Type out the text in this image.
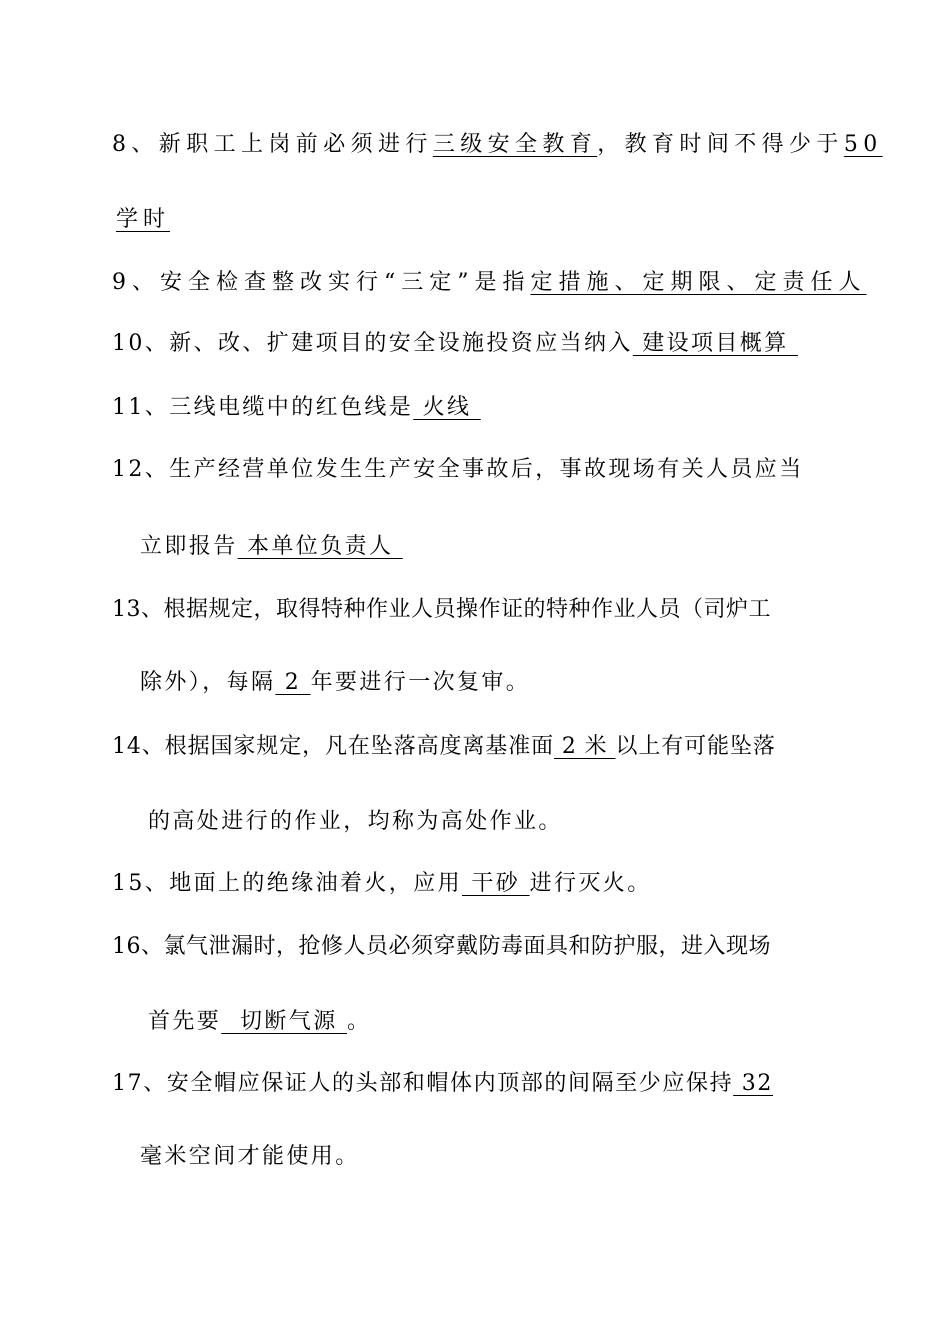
8、新职工上岗前必须进行三级安全教育，教育时间不得少于50
学时
9、安全检查整改实行“三定”是指定措施、定期限、定责任人
10、新、改、扩建项目的安全设施投资应当纳入 建设项目概算
11、三线电缆中的红色线是 火线
12、生产经营单位发生生产安全事故后，事故现场有关人员应当
立即报告 本单位负责人
13、根据规定，取得特种作业人员操作证的特种作业人员（司炉工
除外），每隔 2 年要进行一次复审。
14、根据国家规定，凡在坠落高度离基准面 2 米 以上有可能坠落
的高处进行的作业，均称为高处作业。
15、地面上的绝缘油着火，应用 干砂 进行灭火。
16、氯气泄漏时，抢修人员必须穿戴防毒面具和防护服，进入现场
首先要  切断气源 。
17、安全帽应保证人的头部和帽体内顶部的间隔至少应保持 32
毫米空间才能使用。
